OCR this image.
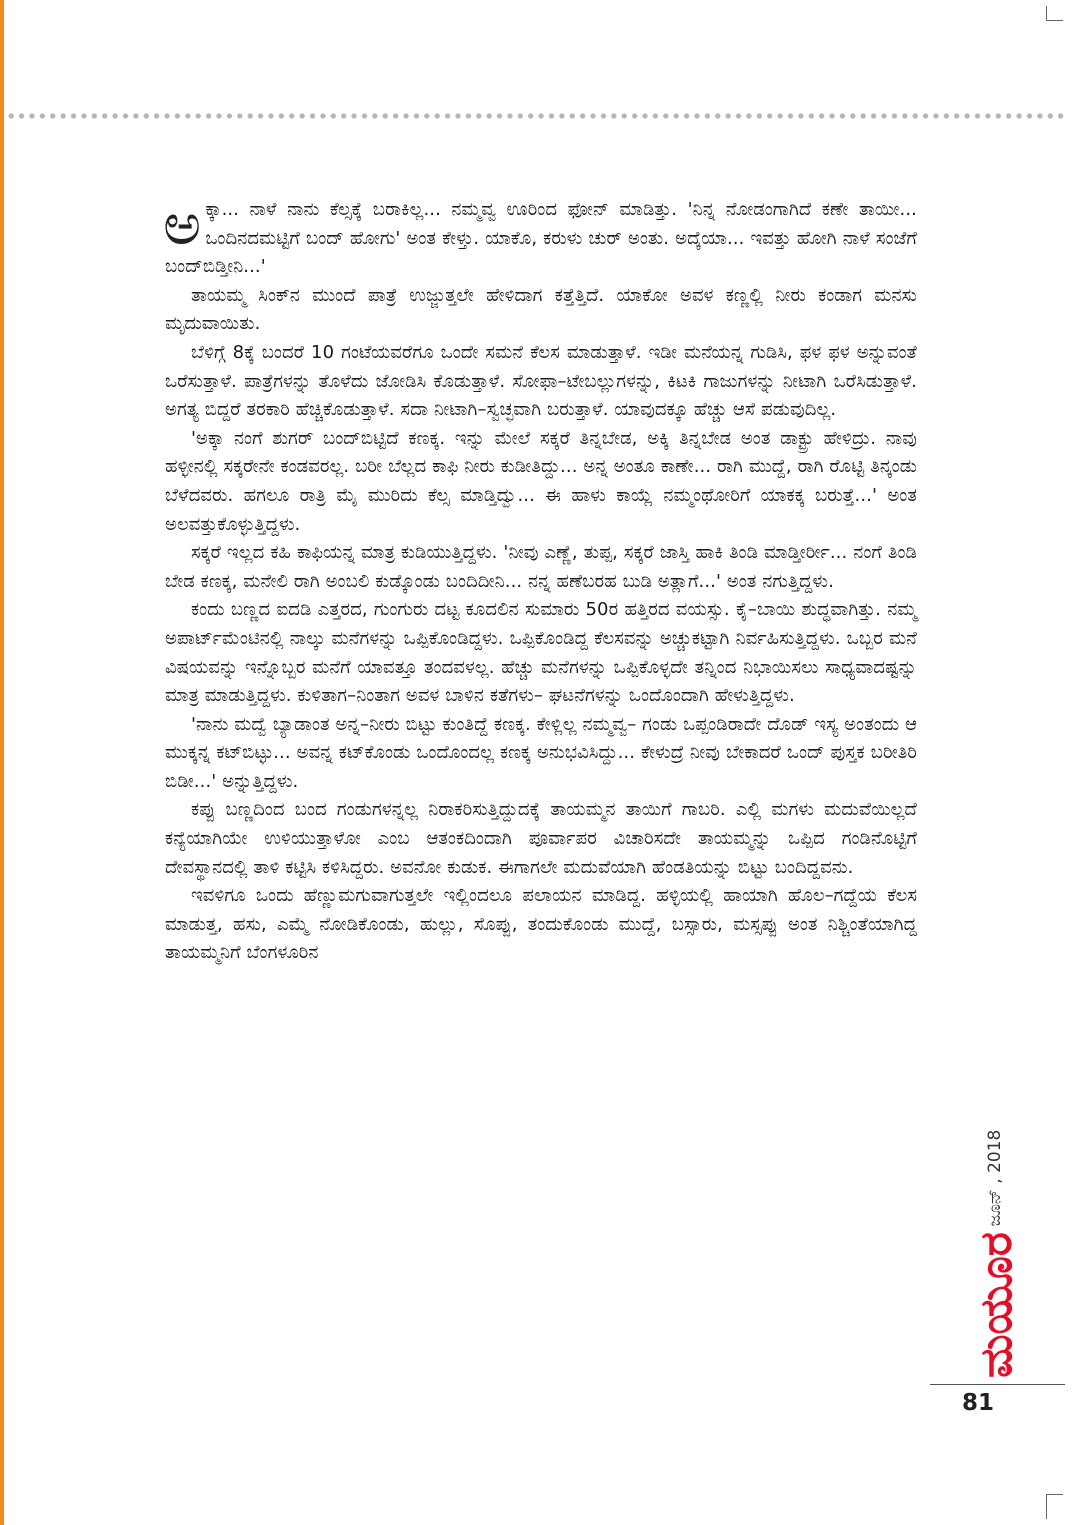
ಅಕ್ಕಾ... ನಾಳೆ ನಾನು ಕೆಲ್ಸಕ್ಕೆ ಬರಾಕಿಲ್ಲ... ನಮ್ಮವ್ವ ಊರಿಂದ ಫೋನ್ ಮಾಡಿತ್ತು. 'ನಿನ್ನ ನೋಡಂಗಾಗಿದೆ ಕಣೇ ತಾಯೀ... ಒಂದಿನದಮಟ್ಟಿಗೆ ಬಂದ್ ಹೋಗು' ಅಂತ ಕೇಳ್ತು. ಯಾಕೊ, ಕರುಳು ಚುರ್ ಅಂತು. ಅದ್ಕೆಯಾ... ಇವತ್ತು ಹೋಗಿ ನಾಳೆ ಸಂಜೆಗೆ ಬಂದ್‌ಬಿಡ್ತೀನಿ...'

ತಾಯಮ್ಮ ಸಿಂಕ್‌ನ ಮುಂದೆ ಪಾತ್ರೆ ಉಜ್ಜುತ್ತಲೇ ಹೇಳಿದಾಗ ಕತ್ತೆತ್ತಿದೆ. ಯಾಕೋ ಅವಳ ಕಣ್ಣಲ್ಲಿ ನೀರು ಕಂಡಾಗ ಮನಸು ಮೃದುವಾಯಿತು.

ಬೆಳಿಗ್ಗೆ 8ಕ್ಕೆ ಬಂದರೆ 10 ಗಂಟೆಯವರೆಗೂ ಒಂದೇ ಸಮನೆ ಕೆಲಸ ಮಾಡುತ್ತಾಳೆ. ಇಡೀ ಮನೆಯನ್ನ ಗುಡಿಸಿ, ಫಳ ಫಳ ಅನ್ನುವಂತೆ ಒರೆಸುತ್ತಾಳೆ. ಪಾತ್ರೆಗಳನ್ನು ತೊಳೆದು ಜೋಡಿಸಿ ಕೊಡುತ್ತಾಳೆ. ಸೋಫಾ–ಟೇಬಲ್ಲುಗಳನ್ನು, ಕಿಟಕಿ ಗಾಜುಗಳನ್ನು ನೀಟಾಗಿ ಒರೆಸಿಡುತ್ತಾಳೆ. ಅಗತ್ಯ ಬಿದ್ದರೆ ತರಕಾರಿ ಹೆಚ್ಚಿಕೊಡುತ್ತಾಳೆ. ಸದಾ ನೀಟಾಗಿ–ಸ್ವಚ್ಛವಾಗಿ ಬರುತ್ತಾಳೆ. ಯಾವುದಕ್ಕೂ ಹೆಚ್ಚು ಆಸೆ ಪಡುವುದಿಲ್ಲ.

'ಅಕ್ಕಾ ನಂಗೆ ಶುಗರ್ ಬಂದ್‌ಬಿಟ್ಟಿದೆ ಕಣಕ್ಕ. ಇನ್ನು ಮೇಲೆ ಸಕ್ಕರೆ ತಿನ್ನಬೇಡ, ಅಕ್ಕಿ ತಿನ್ನಬೇಡ ಅಂತ ಡಾಕ್ಟ್ರು ಹೇಳಿದ್ರು. ನಾವು ಹಳ್ಳೀನಲ್ಲಿ ಸಕ್ಕರೇನೇ ಕಂಡವರಲ್ಲ. ಬರೀ ಬೆಲ್ಲದ ಕಾಫಿ ನೀರು ಕುಡೀತಿದ್ದು... ಅನ್ನ ಅಂತೂ ಕಾಣೇ... ರಾಗಿ ಮುದ್ದೆ, ರಾಗಿ ರೊಟ್ಟಿ ತಿನ್ಕಂಡು ಬೆಳೆದವರು. ಹಗಲೂ ರಾತ್ರಿ ಮೈ ಮುರಿದು ಕೆಲ್ಸ ಮಾಡ್ತಿದ್ವು... ಈ ಹಾಳು ಕಾಯ್ಲೆ ನಮ್ಮಂಥೋರಿಗೆ ಯಾಕಕ್ಕ ಬರುತ್ತೆ...' ಅಂತ ಅಲವತ್ತುಕೊಳ್ಳುತ್ತಿದ್ದಳು.

ಸಕ್ಕರೆ ಇಲ್ಲದ ಕಹಿ ಕಾಫಿಯನ್ನ ಮಾತ್ರ ಕುಡಿಯುತ್ತಿದ್ದಳು. 'ನೀವು ಎಣ್ಣೆ, ತುಪ್ಪ, ಸಕ್ಕರೆ ಜಾಸ್ತಿ ಹಾಕಿ ತಿಂಡಿ ಮಾಡ್ತೀರ್ರೀ... ನಂಗೆ ತಿಂಡಿ ಬೇಡ ಕಣಕ್ಕ, ಮನೇಲಿ ರಾಗಿ ಅಂಬಲಿ ಕುಡ್ಕೊಂಡು ಬಂದಿದೀನಿ... ನನ್ನ ಹಣೆಬರಹ ಬುಡಿ ಅತ್ಲಾಗೆ...' ಅಂತ ನಗುತ್ತಿದ್ದಳು.

ಕಂದು ಬಣ್ಣದ ಐದಡಿ ಎತ್ತರದ, ಗುಂಗುರು ದಟ್ಟ ಕೂದಲಿನ ಸುಮಾರು 50ರ ಹತ್ತಿರದ ವಯಸ್ಸು. ಕೈ–ಬಾಯಿ ಶುದ್ಧವಾಗಿತ್ತು. ನಮ್ಮ ಅಪಾರ್ಟ್‌ಮೆಂಟಿನಲ್ಲಿ ನಾಲ್ಕು ಮನೆಗಳನ್ನು ಒಪ್ಪಿಕೊಂಡಿದ್ದಳು. ಒಪ್ಪಿಕೊಂಡಿದ್ದ ಕೆಲಸವನ್ನು ಅಚ್ಚುಕಟ್ಟಾಗಿ ನಿರ್ವಹಿಸುತ್ತಿದ್ದಳು. ಒಬ್ಬರ ಮನೆ ವಿಷಯವನ್ನು ಇನ್ನೊಬ್ಬರ ಮನೆಗೆ ಯಾವತ್ತೂ ತಂದವಳಲ್ಲ. ಹೆಚ್ಚು ಮನೆಗಳನ್ನು ಒಪ್ಪಿಕೊಳ್ಳದೇ ತನ್ನಿಂದ ನಿಭಾಯಿಸಲು ಸಾಧ್ಯವಾದಷ್ಟನ್ನು ಮಾತ್ರ ಮಾಡುತ್ತಿದ್ದಳು. ಕುಳಿತಾಗ–ನಿಂತಾಗ ಅವಳ ಬಾಳಿನ ಕತೆಗಳು– ಘಟನೆಗಳನ್ನು ಒಂದೊಂದಾಗಿ ಹೇಳುತ್ತಿದ್ದಳು.

'ನಾನು ಮದ್ವೆ ಬ್ಯಾಡಾಂತ ಅನ್ನ–ನೀರು ಬಿಟ್ಟು ಕುಂತಿದ್ದೆ ಕಣಕ್ಕ. ಕೇಳ್ಲಿಲ್ಲ ನಮ್ಮವ್ವ– ಗಂಡು ಒಪ್ಪಂಡಿರಾದೇ ದೊಡ್ ಇಸ್ಯ ಅಂತಂದು ಆ ಮುಕ್ಕನ್ನ ಕಟ್‌ಬಿಟ್ಳು... ಅವನ್ನ ಕಟ್‌ಕೊಂಡು ಒಂದೊಂದಲ್ಲ ಕಣಕ್ಕ ಅನುಭವಿಸಿದ್ದು... ಕೇಳುದ್ರೆ ನೀವು ಬೇಕಾದರೆ ಒಂದ್ ಪುಸ್ತಕ ಬರೀತಿರಿ ಬಿಡೀ...' ಅನ್ನುತ್ತಿದ್ದಳು.

ಕಪ್ಪು ಬಣ್ಣದಿಂದ ಬಂದ ಗಂಡುಗಳನ್ನಲ್ಲ ನಿರಾಕರಿಸುತ್ತಿದ್ದುದಕ್ಕೆ ತಾಯಮ್ಮನ ತಾಯಿಗೆ ಗಾಬರಿ. ಎಲ್ಲಿ ಮಗಳು ಮದುವೆಯಿಲ್ಲದೆ ಕನ್ಯೆಯಾಗಿಯೇ ಉಳಿಯುತ್ತಾಳೋ ಎಂಬ ಆತಂಕದಿಂದಾಗಿ ಪೂರ್ವಾಪರ ವಿಚಾರಿಸದೇ ತಾಯಮ್ಮನ್ನು ಒಪ್ಪಿದ ಗಂಡಿನೊಟ್ಟಿಗೆ ದೇವಸ್ಥಾನದಲ್ಲಿ ತಾಳಿ ಕಟ್ಟಿಸಿ ಕಳಿಸಿದ್ದರು. ಅವನೋ ಕುಡುಕ. ಈಗಾಗಲೇ ಮದುವೆಯಾಗಿ ಹೆಂಡತಿಯನ್ನು ಬಿಟ್ಟು ಬಂದಿದ್ದವನು.

ಇವಳಿಗೂ ಒಂದು ಹೆಣ್ಣುಮಗುವಾಗುತ್ತಲೇ ಇಲ್ಲಿಂದಲೂ ಪಲಾಯನ ಮಾಡಿದ್ದ. ಹಳ್ಳಿಯಲ್ಲಿ ಹಾಯಾಗಿ ಹೊಲ–ಗದ್ದೆಯ ಕೆಲಸ ಮಾಡುತ್ತ, ಹಸು, ಎಮ್ಮೆ ನೋಡಿಕೊಂಡು, ಹುಲ್ಲು, ಸೊಪ್ಪು, ತಂದುಕೊಂಡು ಮುದ್ದೆ, ಬಸ್ಸಾರು, ಮಸ್ಸಪ್ಪು ಅಂತ ನಿಶ್ಚಿಂತೆಯಾಗಿದ್ದ ತಾಯಮ್ಮನಿಗೆ ಬೆಂಗಳೂರಿನ

ಜೂನ್ , 2018
ಮಯೂರ
81
